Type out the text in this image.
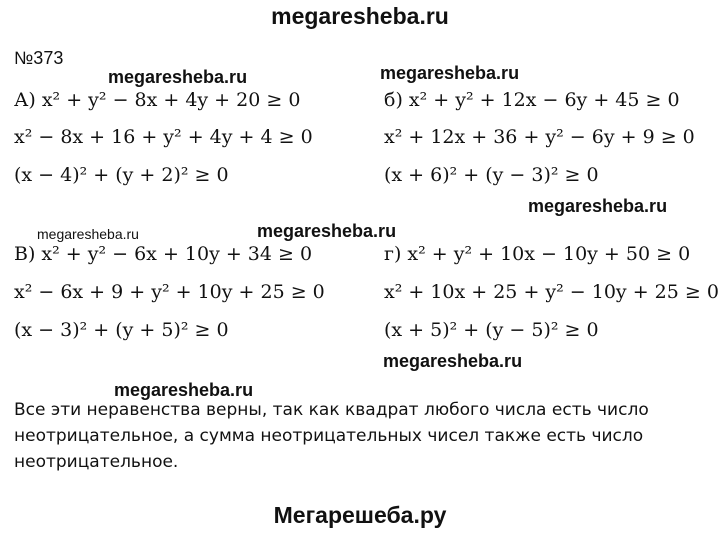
megaresheba.ru
№373
megaresheba.ru	megaresheba.ru
megaresheba.ru
megaresheba.ru	megaresheba.ru
megaresheba.ru
megaresheba.ru
А) x² + y² − 8x + 4y + 20 ≥ 0
x² − 8x + 16 + y² + 4y + 4 ≥ 0
(x − 4)² + (y + 2)² ≥ 0
б) x² + y² + 12x − 6y + 45 ≥ 0
x² + 12x + 36 + y² − 6y + 9 ≥ 0
(x + 6)² + (y − 3)² ≥ 0
В) x² + y² − 6x + 10y + 34 ≥ 0
x² − 6x + 9 + y² + 10y + 25 ≥ 0
(x − 3)² + (y + 5)² ≥ 0
г) x² + y² + 10x − 10y + 50 ≥ 0
x² + 10x + 25 + y² − 10y + 25 ≥ 0
(x + 5)² + (y − 5)² ≥ 0
Все эти неравенства верны, так как квадрат любого числа есть число неотрицательное, а сумма неотрицательных чисел также есть число неотрицательное.
Мегарешеба.ру
